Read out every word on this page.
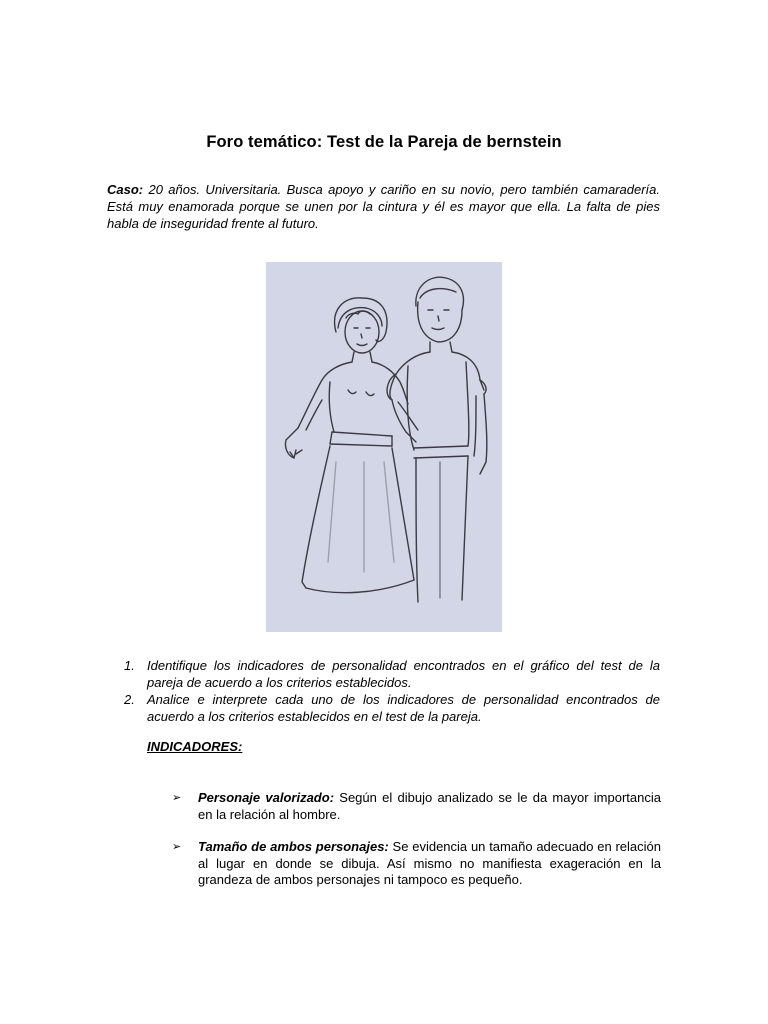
Foro temático: Test de la Pareja de bernstein
Caso: 20 años. Universitaria. Busca apoyo y cariño en su novio, pero también camaradería. Está muy enamorada porque se unen por la cintura y él es mayor que ella. La falta de pies habla de inseguridad frente al futuro.
1. Identifique los indicadores de personalidad encontrados en el gráfico del test de la pareja de acuerdo a los criterios establecidos.
2. Analice e interprete cada uno de los indicadores de personalidad encontrados de acuerdo a los criterios establecidos en el test de la pareja.
INDICADORES:
➢	Personaje valorizado: Según el dibujo analizado se le da mayor importancia en la relación al hombre.
➢	Tamaño de ambos personajes: Se evidencia un tamaño adecuado en relación al lugar en donde se dibuja. Así mismo no manifiesta exageración en la grandeza de ambos personajes ni tampoco es pequeño.
